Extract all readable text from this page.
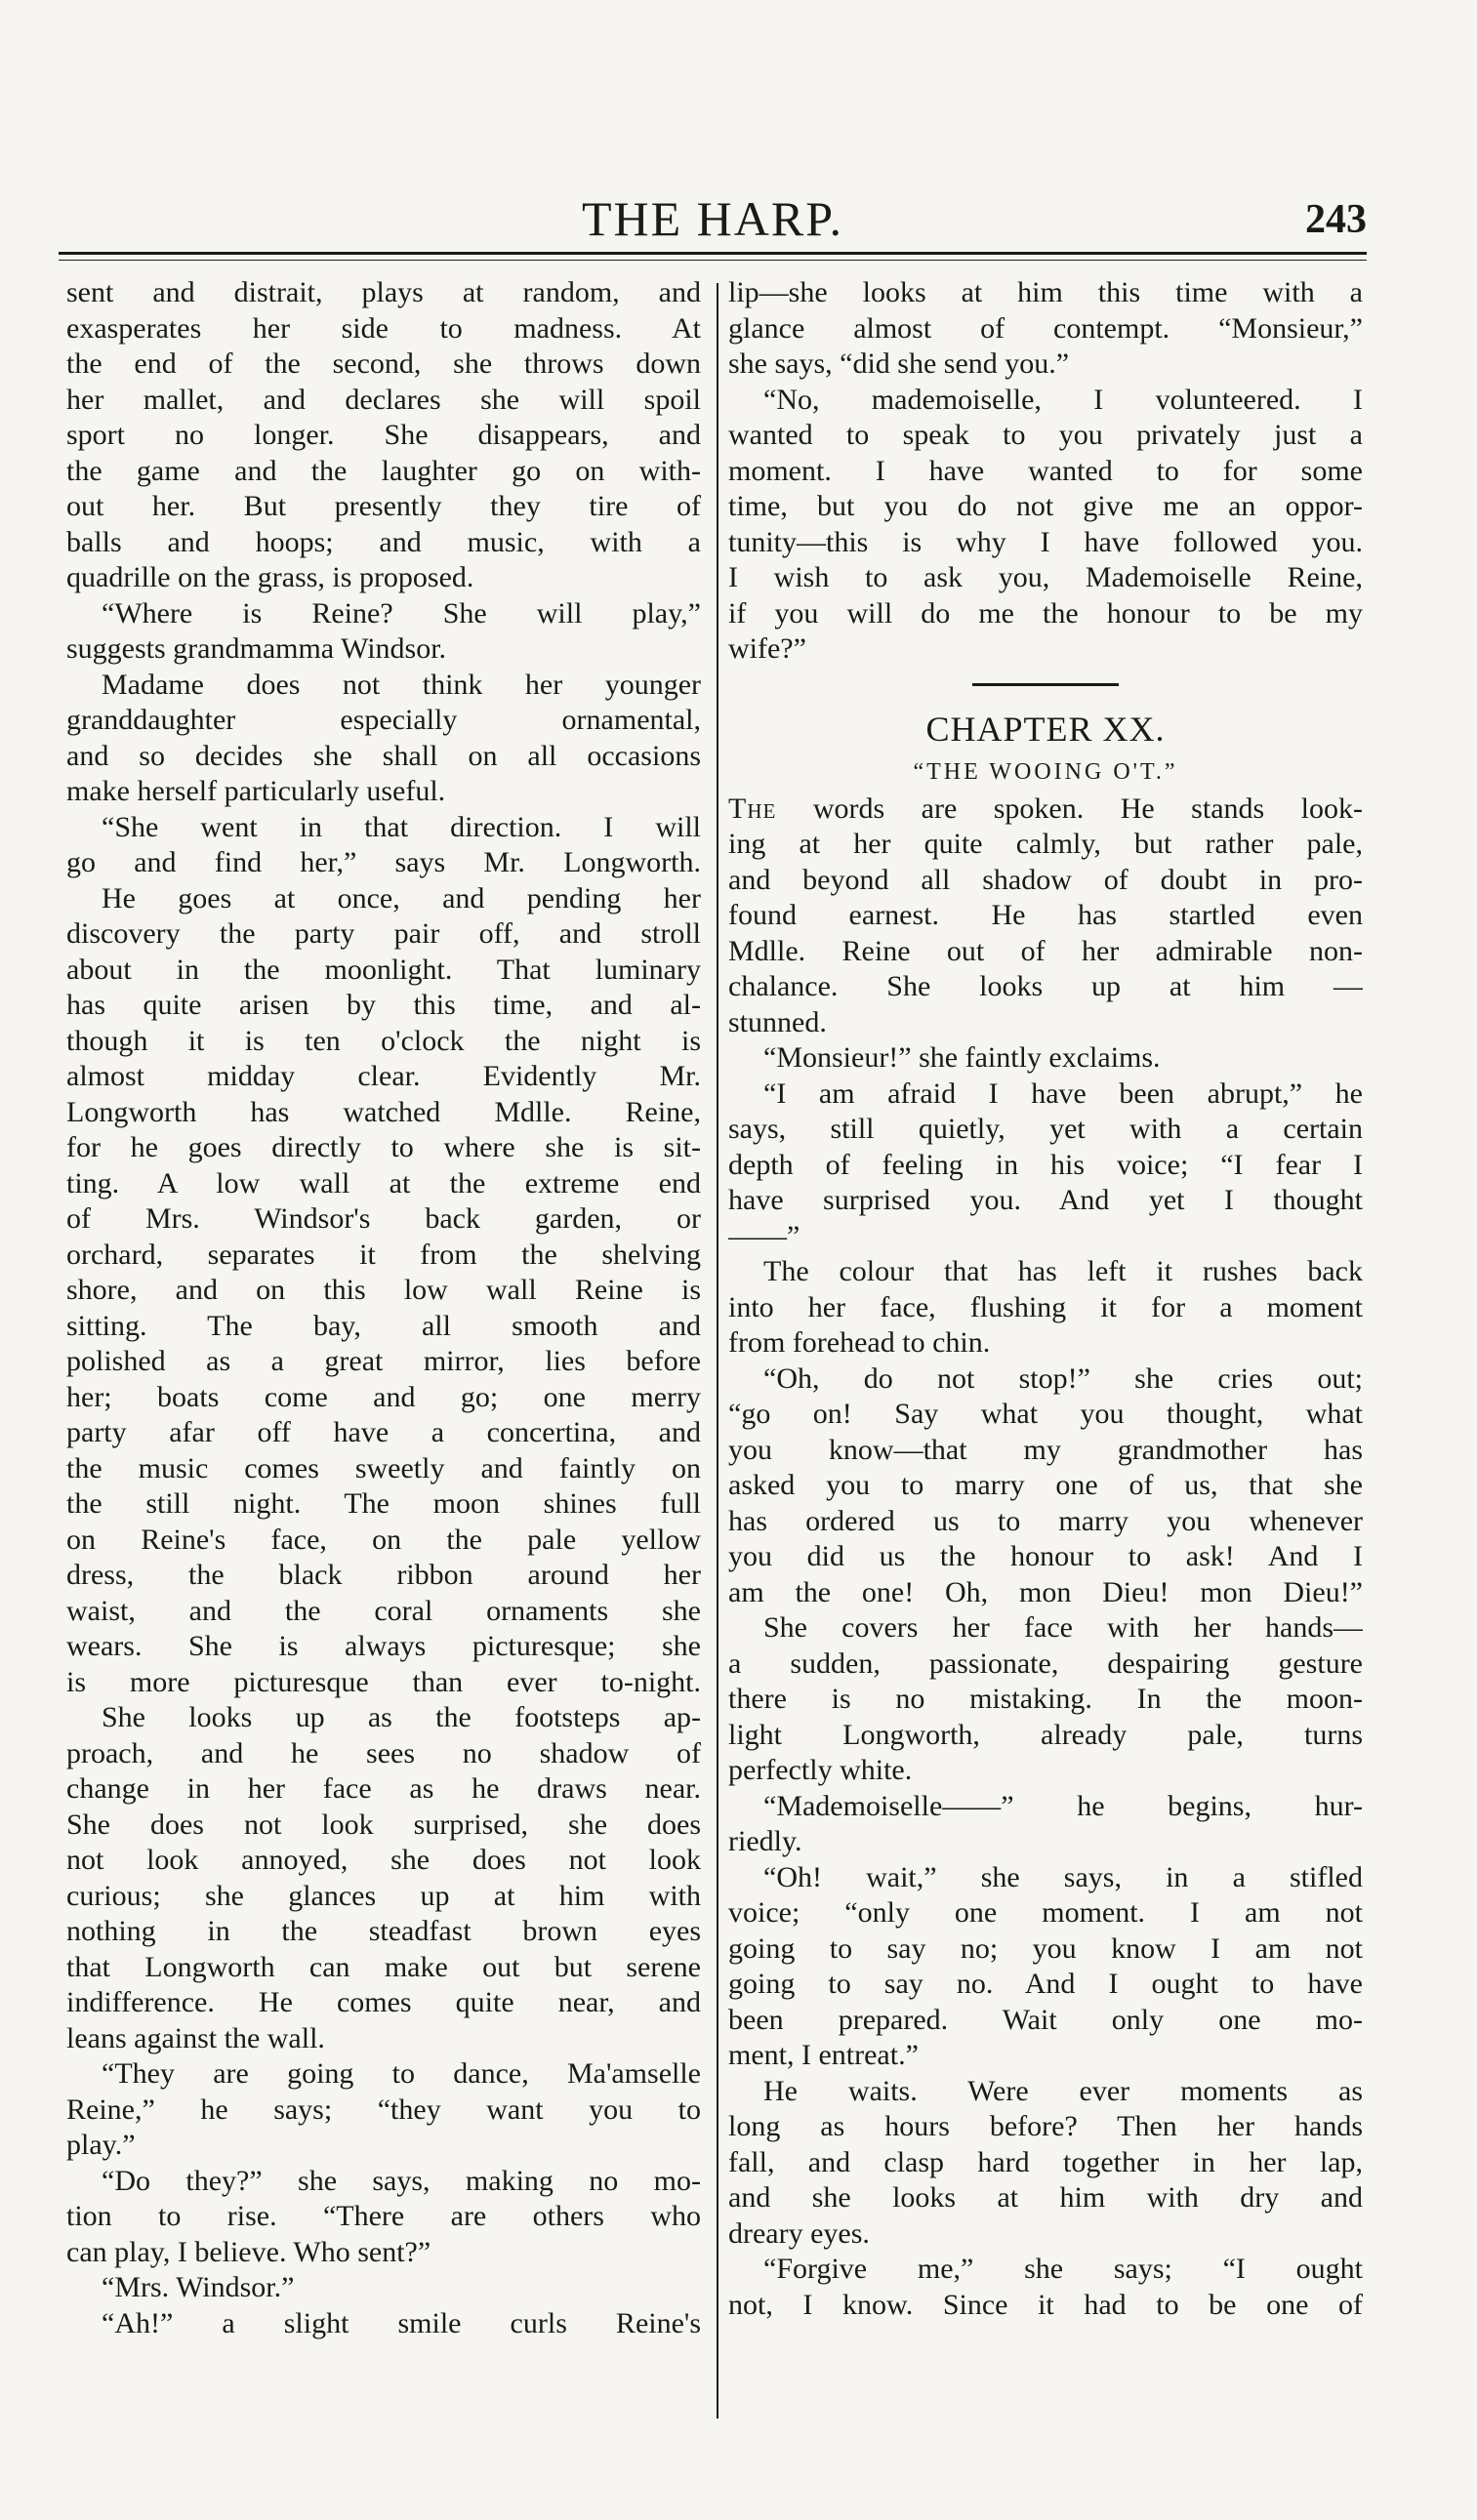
THE HARP.	243
sent and distrait, plays at random, and
exasperates her side to madness. At
the end of the second, she throws down
her mallet, and declares she will spoil
sport no longer. She disappears, and
the game and the laughter go on with-
out her. But presently they tire of
balls and hoops; and music, with a
quadrille on the grass, is proposed.
“Where is Reine? She will play,”
suggests grandmamma Windsor.
Madame does not think her younger
granddaughter especially ornamental,
and so decides she shall on all occasions
make herself particularly useful.
“She went in that direction. I will
go and find her,” says Mr. Longworth.
He goes at once, and pending her
discovery the party pair off, and stroll
about in the moonlight. That luminary
has quite arisen by this time, and al-
though it is ten o'clock the night is
almost midday clear. Evidently Mr.
Longworth has watched Mdlle. Reine,
for he goes directly to where she is sit-
ting. A low wall at the extreme end
of Mrs. Windsor's back garden, or
orchard, separates it from the shelving
shore, and on this low wall Reine is
sitting. The bay, all smooth and
polished as a great mirror, lies before
her; boats come and go; one merry
party afar off have a concertina, and
the music comes sweetly and faintly on
the still night. The moon shines full
on Reine's face, on the pale yellow
dress, the black ribbon around her
waist, and the coral ornaments she
wears. She is always picturesque; she
is more picturesque than ever to-night.
She looks up as the footsteps ap-
proach, and he sees no shadow of
change in her face as he draws near.
She does not look surprised, she does
not look annoyed, she does not look
curious; she glances up at him with
nothing in the steadfast brown eyes
that Longworth can make out but serene
indifference. He comes quite near, and
leans against the wall.
“They are going to dance, Ma'amselle
Reine,” he says; “they want you to
play.”
“Do they?” she says, making no mo-
tion to rise. “There are others who
can play, I believe. Who sent?”
“Mrs. Windsor.”
“Ah!” a slight smile curls Reine's
lip—she looks at him this time with a
glance almost of contempt. “Monsieur,”
she says, “did she send you.”
“No, mademoiselle, I volunteered. I
wanted to speak to you privately just a
moment. I have wanted to for some
time, but you do not give me an oppor-
tunity—this is why I have followed you.
I wish to ask you, Mademoiselle Reine,
if you will do me the honour to be my
wife?”
CHAPTER XX.
“THE WOOING O'T.”
The words are spoken. He stands look-
ing at her quite calmly, but rather pale,
and beyond all shadow of doubt in pro-
found earnest. He has startled even
Mdlle. Reine out of her admirable non-
chalance. She looks up at him —
stunned.
“Monsieur!” she faintly exclaims.
“I am afraid I have been abrupt,” he
says, still quietly, yet with a certain
depth of feeling in his voice; “I fear I
have surprised you. And yet I thought
——”
The colour that has left it rushes back
into her face, flushing it for a moment
from forehead to chin.
“Oh, do not stop!” she cries out;
“go on! Say what you thought, what
you know—that my grandmother has
asked you to marry one of us, that she
has ordered us to marry you whenever
you did us the honour to ask! And I
am the one! Oh, mon Dieu! mon Dieu!”
She covers her face with her hands—
a sudden, passionate, despairing gesture
there is no mistaking. In the moon-
light Longworth, already pale, turns
perfectly white.
“Mademoiselle——” he begins, hur-
riedly.
“Oh! wait,” she says, in a stifled
voice; “only one moment. I am not
going to say no; you know I am not
going to say no. And I ought to have
been prepared. Wait only one mo-
ment, I entreat.”
He waits. Were ever moments as
long as hours before? Then her hands
fall, and clasp hard together in her lap,
and she looks at him with dry and
dreary eyes.
“Forgive me,” she says; “I ought
not, I know. Since it had to be one of
